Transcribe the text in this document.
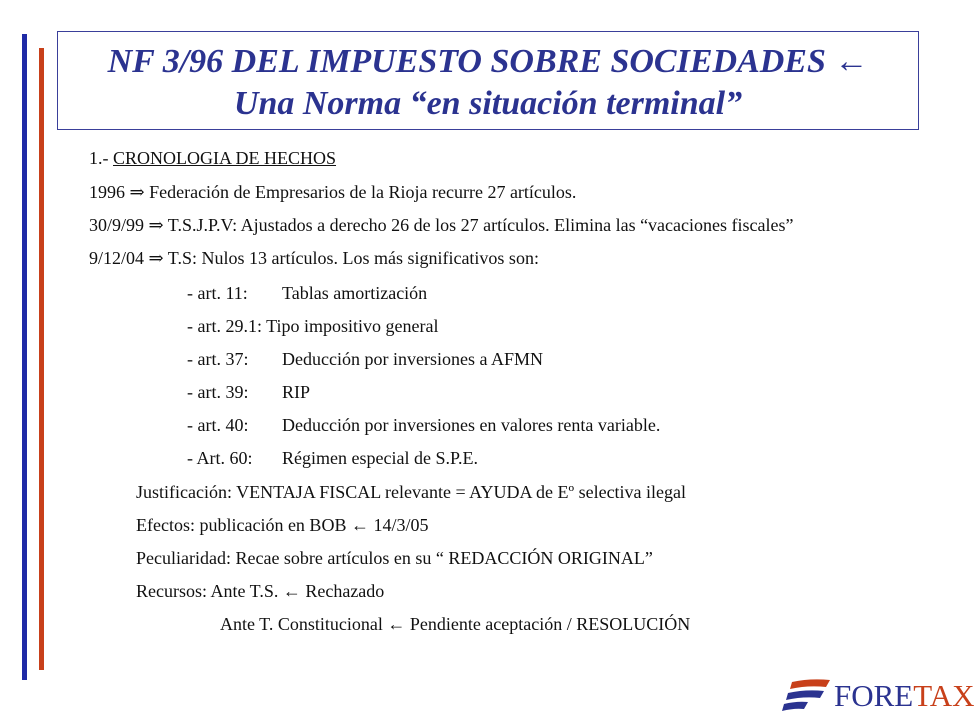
NF 3/96 DEL IMPUESTO SOBRE SOCIEDADES ←
Una Norma “en situación terminal”
1.- CRONOLOGIA DE HECHOS
1996 ⇒ Federación de Empresarios de la Rioja recurre 27 artículos.
30/9/99 ⇒ T.S.J.P.V: Ajustados a derecho 26 de los 27 artículos. Elimina las “vacaciones fiscales”
9/12/04 ⇒ T.S: Nulos 13 artículos. Los más significativos son:
- art. 11: Tablas amortización
- art. 29.1: Tipo impositivo general
- art. 37: Deducción por inversiones a AFMN
- art. 39: RIP
- art. 40: Deducción por inversiones en valores renta variable.
- Art. 60: Régimen especial de S.P.E.
Justificación: VENTAJA FISCAL relevante = AYUDA de Eº selectiva ilegal
Efectos: publicación en BOB ← 14/3/05
Peculiaridad: Recae sobre artículos en su “ REDACCIÓN ORIGINAL”
Recursos: Ante T.S. ← Rechazado
Ante T. Constitucional ← Pendiente aceptación / RESOLUCIÓN
FORETAX
